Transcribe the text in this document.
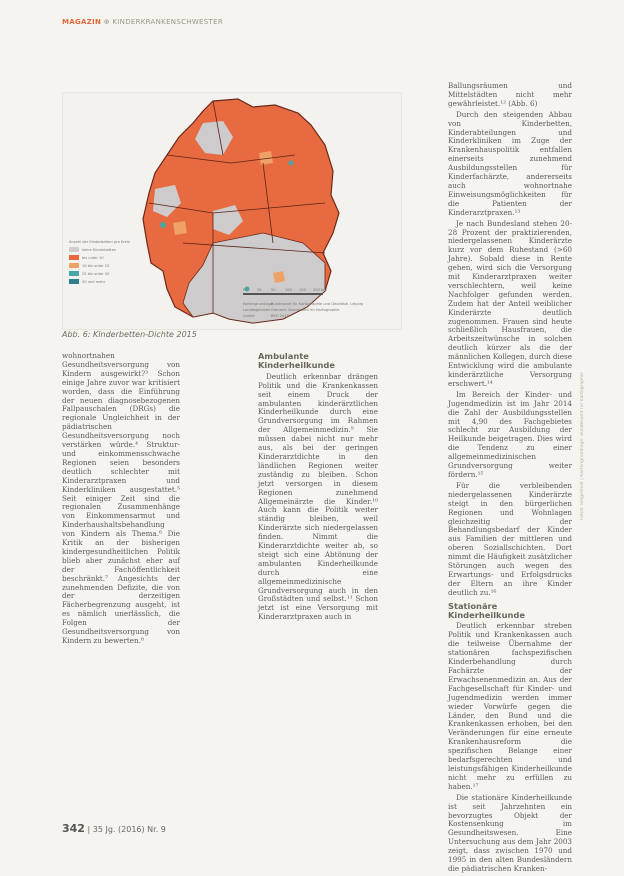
MAGAZIN ⊕ KINDERKRANKENSCHWESTER
Anzahl der Kinderbetten pro Kreis
keine Kinderbetten
bis unter 10
10 bis unter 25
25 bis unter 50
50 und mehr
0	25	50	100 150 200 km
Kartengrundlage
Bundesamt für Kartographie und Geodäsie, Leipzig
Landesgrenzen Grenzen: Bundesamt für Kartographie
Quelle	BKG 2015
Abb. 6: Kinderbetten-Dichte 2015

wohnortnahen Gesundheitsversorgung von Kindern ausgewirkt?³ Schon einige Jahre zuvor war kritisiert worden, dass die Einführung der neuen diagnosebezogenen Fallpauschalen (DRGs) die regionale Ungleichheit in der pädiatrischen Gesundheitsversorgung noch verstärken würde.⁴ Struktur- und einkommensschwache Regionen seien besonders deutlich schlechter mit Kinderarztpraxen und Kinderkliniken ausgestattet.⁵ Seit einiger Zeit sind die regionalen Zusammenhänge von Einkommensarmut und Kinderhaushaltsbehandlung von Kindern als Thema.⁶ Die Kritik an der bisherigen kindergesundheitlichen Politik blieb aber zunächst eher auf der Fachöffentlichkeit beschränkt.⁷ Angesichts der zunehmenden Defizite, die von der derzeitigen Fächerbegrenzung ausgeht, ist es nämlich unerlässlich, die Folgen der Gesundheitsversorgung von Kindern zu bewerten.⁸

Ambulante Kinderheilkunde

Deutlich erkennbar drängen Politik und die Krankenkassen seit einem Druck der ambulanten kinderärztlichen Kinderheilkunde durch eine Grundversorgung im Rahmen der Allgemeinmedizin.⁹ Sie müssen dabei nicht nur mehr aus, als bei der geringen Kinderarztdichte in den ländlichen Regionen weiter zuständig zu bleiben. Schon jetzt versorgen in diesem Regionen zunehmend Allgemeinärzte die Kinder.¹⁰ Auch kann die Politik weiter ständig bleiben, weil Kinderärzte sich niedergelassen finden. Nimmt die Kinderarztdichte weiter ab, so steigt sich eine Abtönung der ambulanten Kinderheilkunde durch eine allgemeinmedizinische Grundversorgung auch in den Großstädten und selbst.¹¹ Schon jetzt ist eine Versorgung mit Kinderarztpraxen auch in

Ballungsräumen und Mittelstädten nicht mehr gewährleistet.¹² (Abb. 6)

Durch den steigenden Abbau von Kinderbetten, Kinderabteilungen und Kinderkliniken im Zuge der Krankenhauspolitik entfallen einerseits zunehmend Ausbildungsstellen für Kinderfachärzte, andererseits auch wohnortnahe Einweisungsmöglichkeiten für die Patienten der Kinderarztpraxen.¹³

Je nach Bundesland stehen 20-28 Prozent der praktizierenden, niedergelassenen Kinderärzte kurz vor dem Ruhestand (>60 Jahre). Sobald diese in Rente gehen, wird sich die Versorgung mit Kinderarztpraxen weiter verschlechtern, weil keine Nachfolger gefunden werden. Zudem hat der Anteil weiblicher Kinderärzte deutlich zugenommen. Frauen sind heute schließlich Hausfrauen, die Arbeitszeitwünsche in solchen deutlich kürzer als die der männlichen Kollegen, durch diese Entwicklung wird die ambulante kinderärztliche Versorgung erschwert.¹⁴

Im Bereich der Kinder- und Jugendmedizin ist im Jahr 2014 die Zahl der Ausbildungsstellen mit 4,90 des Fachgebietes schlecht zur Ausbildung der Heilkunde beigetragen. Dies wird die Tendenz zu einer allgemeinmedizinischen Grundversorgung weiter fördern.¹⁵

Für die verbleibenden niedergelassenen Kinderärzte steigt in den bürgerlichen Regionen und Wohnlagen gleichzeitig der Behandlungsbedarf der Kinder aus Familien der mittleren und oberen Soziallschichten. Dort nimmt die Häufigkeit zusätzlicher Störungen auch wegen des Erwartungs- und Erfolgsdrucks der Eltern an ihre Kinder deutlich zu.¹⁶

Stationäre Kinderheilkunde

Deutlich erkennbar streben Politik und Krankenkassen auch die teilweise Übernahme der stationären fachspezifischen Kinderbehandlung durch Fachärzte der Erwachsenenmedizin an. Aus der Fachgesellschaft für Kinder- und Jugendmedizin werden immer wieder Vorwürfe gegen die Länder, den Bund und die Krankenkassen erhoben, bei den Veränderungen für eine erneute Krankenhausreform die spezifischen Belange einer bedarfsgerechten und leistungsfähigen Kinderheilkunde nicht mehr zu erfüllen zu haben.¹⁷

Die stationäre Kinderheilkunde ist seit Jahrzehnten ein bevorzugtes Objekt der Kostensenkung im Gesundheitswesen. Eine Untersuchung aus dem Jahr 2003 zeigt, dass zwischen 1970 und 1995 in den alten Bundesländern die pädiatrischen Kranken-

Fotos: Beigestellt | Kartengrundlage: Bundesamt für Kartographie
342 | 35 Jg. (2016) Nr. 9
